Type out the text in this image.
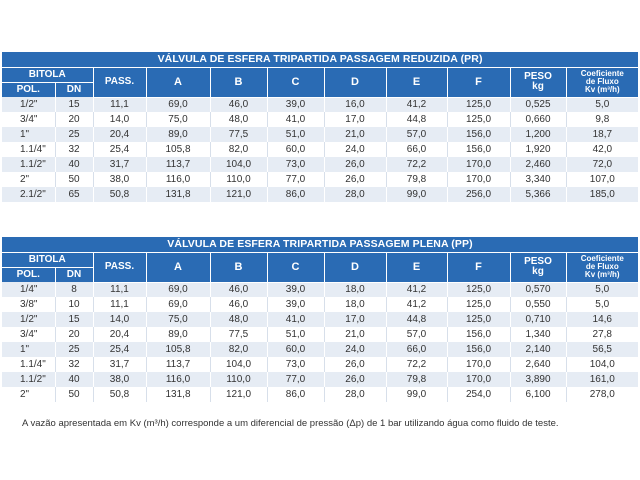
VÁLVULA DE ESFERA TRIPARTIDA PASSAGEM REDUZIDA (PR)										
BITOLA		PASS.	A	B	C	D	E	F	PESO
kg	Coeficiente
de Fluxo
Kv (m³/h)
POL.	DN									
1/2"	15	11,1	69,0	46,0	39,0	16,0	41,2	125,0	0,525	5,0
3/4"	20	14,0	75,0	48,0	41,0	17,0	44,8	125,0	0,660	9,8
1"	25	20,4	89,0	77,5	51,0	21,0	57,0	156,0	1,200	18,7
1.1/4"	32	25,4	105,8	82,0	60,0	24,0	66,0	156,0	1,920	42,0
1.1/2"	40	31,7	113,7	104,0	73,0	26,0	72,2	170,0	2,460	72,0
2"	50	38,0	116,0	110,0	77,0	26,0	79,8	170,0	3,340	107,0
2.1/2"	65	50,8	131,8	121,0	86,0	28,0	99,0	256,0	5,366	185,0
VÁLVULA DE ESFERA TRIPARTIDA PASSAGEM PLENA (PP)										
BITOLA		PASS.	A	B	C	D	E	F	PESO
kg	Coeficiente
de Fluxo
Kv (m³/h)
POL.	DN									
1/4"	8	11,1	69,0	46,0	39,0	18,0	41,2	125,0	0,570	5,0
3/8"	10	11,1	69,0	46,0	39,0	18,0	41,2	125,0	0,550	5,0
1/2"	15	14,0	75,0	48,0	41,0	17,0	44,8	125,0	0,710	14,6
3/4"	20	20,4	89,0	77,5	51,0	21,0	57,0	156,0	1,340	27,8
1"	25	25,4	105,8	82,0	60,0	24,0	66,0	156,0	2,140	56,5
1.1/4"	32	31,7	113,7	104,0	73,0	26,0	72,2	170,0	2,640	104,0
1.1/2"	40	38,0	116,0	110,0	77,0	26,0	79,8	170,0	3,890	161,0
2"	50	50,8	131,8	121,0	86,0	28,0	99,0	254,0	6,100	278,0
A vazão apresentada em Kv (m³/h) corresponde a um diferencial de pressão (Δp) de 1 bar utilizando água como fluido de teste.
